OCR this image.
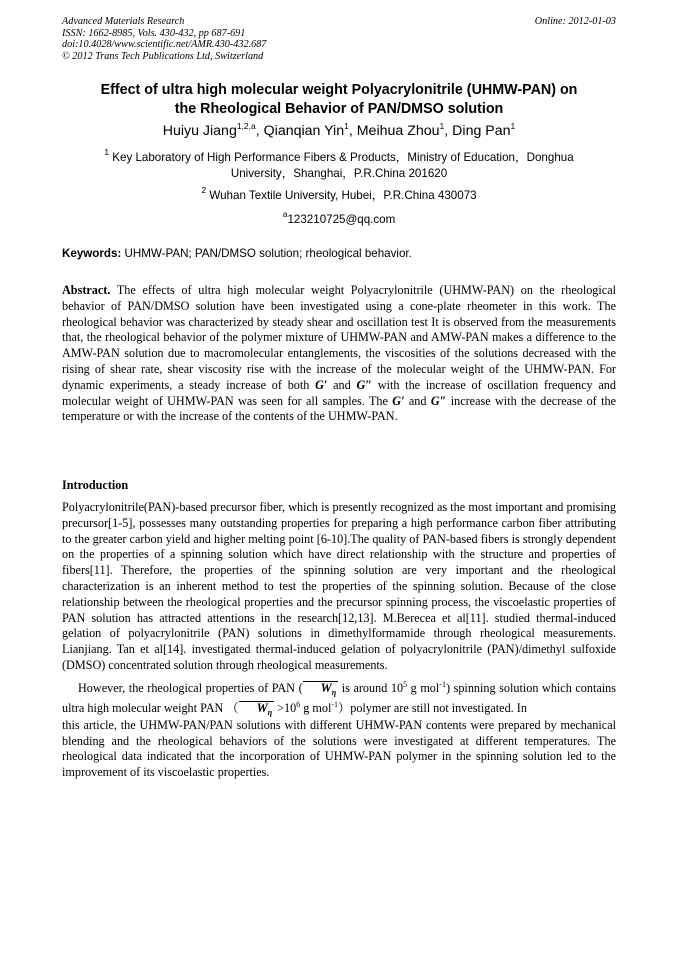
Advanced Materials Research
ISSN: 1662-8985, Vols. 430-432, pp 687-691
doi:10.4028/www.scientific.net/AMR.430-432.687
© 2012 Trans Tech Publications Ltd, Switzerland
Online: 2012-01-03
Effect of ultra high molecular weight Polyacrylonitrile (UHMW-PAN) on
the Rheological Behavior of PAN/DMSO solution
Huiyu Jiang$^{1,2,a}$, Qianqian Yin$^1$, Meihua Zhou$^1$, Ding Pan$^1$
$^1$ Key Laboratory of High Performance Fibers & Products，Ministry of Education，Donghua
University，Shanghai，P.R.China 201620
$^2$ Wuhan Textile University, Hubei，P.R.China 430073
$^a$123210725@qq.com
Keywords: UHMW-PAN; PAN/DMSO solution; rheological behavior.
Abstract. The effects of ultra high molecular weight Polyacrylonitrile (UHMW-PAN) on the rheological behavior of PAN/DMSO solution have been investigated using a cone-plate rheometer in this work. The rheological behavior was characterized by steady shear and oscillation test It is observed from the measurements that, the rheological behavior of the polymer mixture of UHMW-PAN and AMW-PAN makes a difference to the AMW-PAN solution due to macromolecular entanglements, the viscosities of the solutions decreased with the rising of shear rate, shear viscosity rise with the increase of the molecular weight of the UHMW-PAN. For dynamic experiments, a steady increase of both G′ and G″ with the increase of oscillation frequency and molecular weight of UHMW-PAN was seen for all samples. The G′ and G″ increase with the decrease of the temperature or with the increase of the contents of the UHMW-PAN.
Introduction

Polyacrylonitrile(PAN)-based precursor fiber, which is presently recognized as the most important and promising precursor[1-5], possesses many outstanding properties for preparing a high performance carbon fiber attributing to the greater carbon yield and higher melting point [6-10].The quality of PAN-based fibers is strongly dependent on the properties of a spinning solution which have direct relationship with the structure and properties of fibers[11]. Therefore, the properties of the spinning solution are very important and the rheological characterization is an inherent method to test the properties of the spinning solution. Because of the close relationship between the rheological properties and the precursor spinning process, the viscoelastic properties of PAN solution has attracted attentions in the research[12,13]. M.Berecea et al[11]. studied thermal-induced gelation of polyacrylonitrile (PAN) solutions in dimethylformamide through rheological measurements. Lianjiang. Tan et al[14]. investigated thermal-induced gelation of polyacrylonitrile (PAN)/dimethyl sulfoxide (DMSO) concentrated solution through rheological measurements.

However, the rheological properties of PAN ( $W_\eta$ is around $10^5$ g mol$^{-1}$) spinning solution which contains ultra high molecular weight PAN （ $W_\eta >10^6$ g mol$^{-1}$）polymer are still not investigated. In

this article, the UHMW-PAN/PAN solutions with different UHMW-PAN contents were prepared by mechanical blending and the rheological behaviors of the solutions were investigated at different temperatures. The rheological data indicated that the incorporation of UHMW-PAN polymer in the spinning solution led to the improvement of its viscoelastic properties.
